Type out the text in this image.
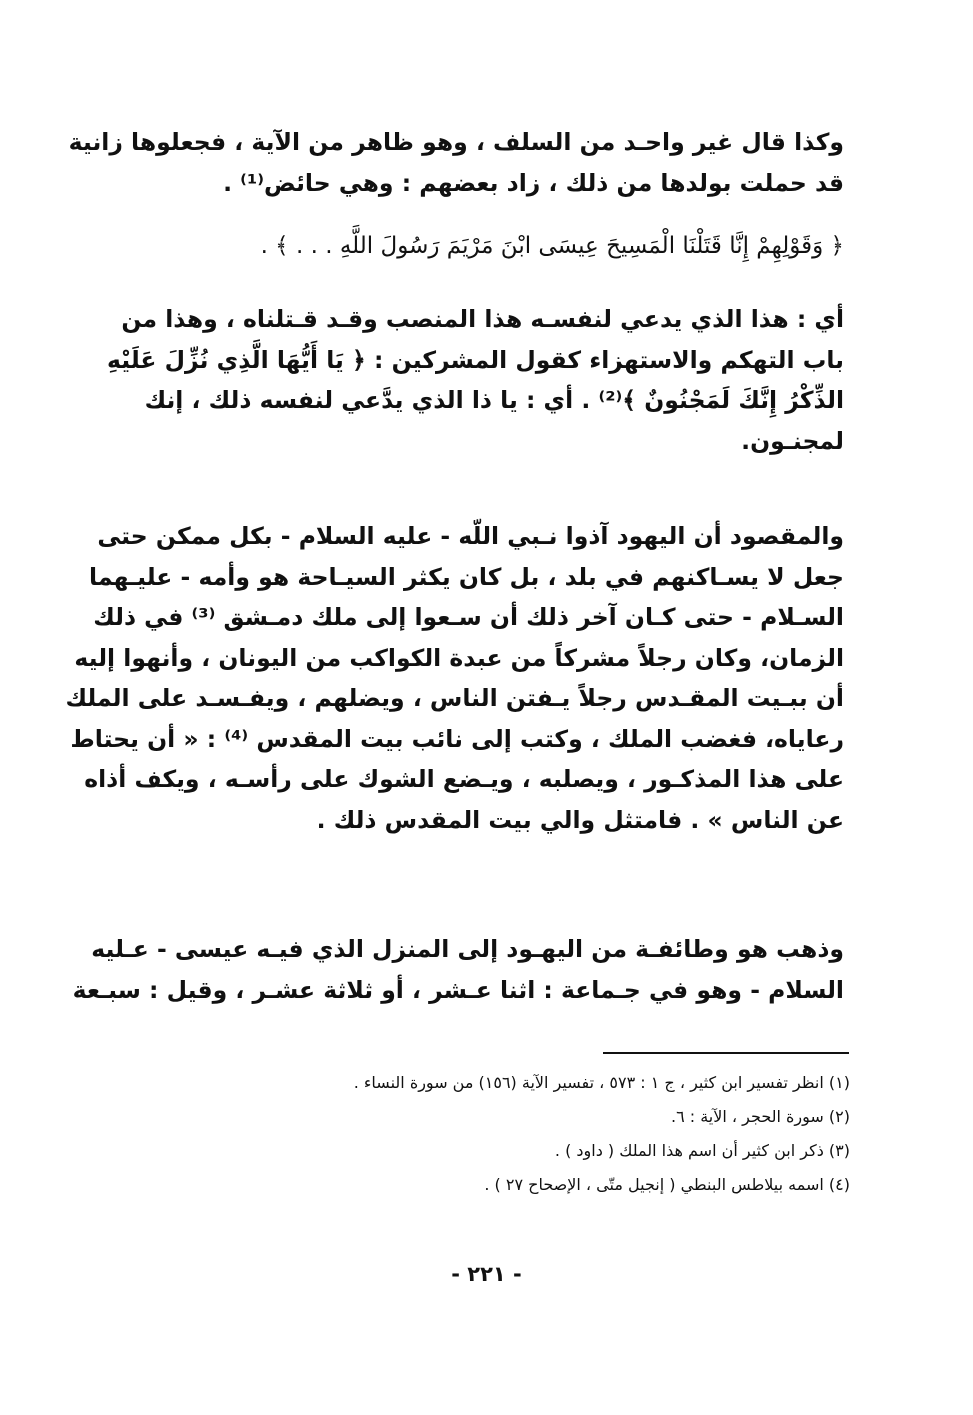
وكذا قال غير واحـد من السلف ، وهو ظاهر من الآية ، فجعلوها زانية
قد حملت بولدها من ذلك ، زاد بعضهم : وهي حائض⁽¹⁾ .
﴿ وَقَوْلِهِمْ إِنَّا قَتَلْنَا الْمَسِيحَ عِيسَى ابْنَ مَرْيَمَ رَسُولَ اللَّهِ . . . ﴾ .
أي : هذا الذي يدعي لنفسـه هذا المنصب وقـد قـتلناه ، وهذا من
باب التهكم والاستهزاء كقول المشركين : ﴿ يَا أَيُّهَا الَّذِي نُزِّلَ عَلَيْهِ
الذِّكْرُ إِنَّكَ لَمَجْنُونٌ ﴾⁽²⁾ . أي : يا ذا الذي يدَّعي لنفسه ذلك ، إنك
لمجنـون.
والمقصود أن اليهود آذوا نـبي اللّه - عليه السلام - بكل ممكن حتى
جعل لا يسـاكنهم في بلد ، بل كان يكثر السيـاحة هو وأمه - عليـهما
السـلام - حتى كـان آخر ذلك أن سـعوا إلى ملك دمـشق ⁽³⁾ في ذلك
الزمان، وكان رجلاً مشركاً من عبدة الكواكب من اليونان ، وأنهوا إليه
أن ببـيت المقـدس رجلاً يـفتن الناس ، ويضلهم ، ويفـسـد على الملك
رعاياه، فغضب الملك ، وكتب إلى نائب بيت المقدس ⁽⁴⁾ : « أن يحتاط
على هذا المذكـور ، ويصلبه ، ويـضع الشوك على رأسـه ، ويكف أذاه
عن الناس » . فامتثل والي بيت المقدس ذلك .
وذهب هو وطائفـة من اليهـود إلى المنزل الذي فيـه عيسى - عـليه
السلام - وهو في جـماعة : اثنا عـشر ، أو ثلاثة عشـر ، وقيل : سبـعة
(١) انظر تفسير ابن كثير ، ج ١ : ٥٧٣ ، تفسير الآية (١٥٦) من سورة النساء .
(٢) سورة الحجر ، الآية : ٦.
(٣) ذكر ابن كثير أن اسم هذا الملك ( داود ) .
(٤) اسمه بيلاطس البنطي ( إنجيل متّى ، الإصحاح ٢٧ ) .
- ٢٢١ -
